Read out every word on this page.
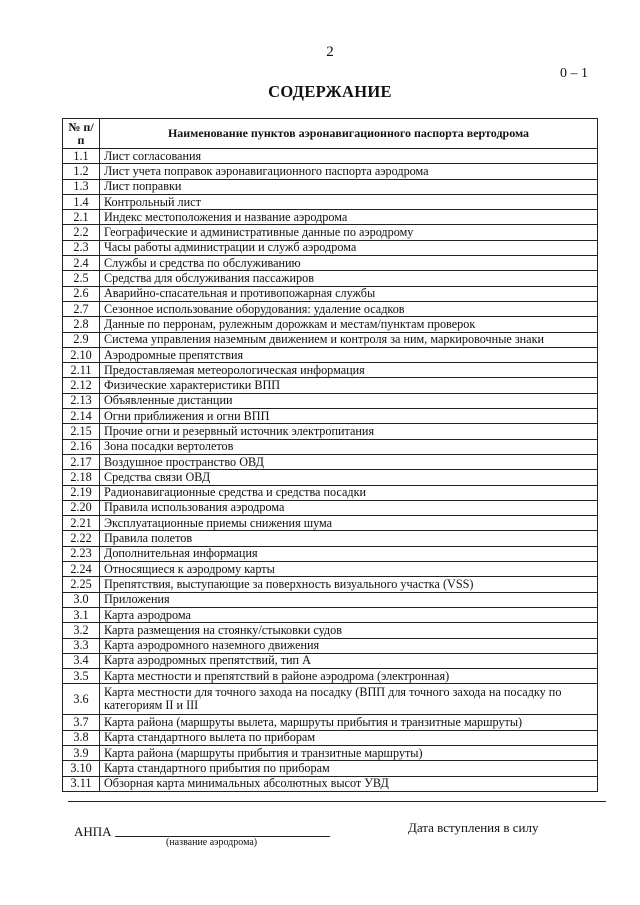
2
0 – 1
СОДЕРЖАНИЕ
№ п/п	Наименование пунктов аэронавигационного паспорта вертодрома
1.1	Лист согласования
1.2	Лист учета поправок аэронавигационного паспорта аэродрома
1.3	Лист поправки
1.4	Контрольный лист
2.1	Индекс местоположения и название аэродрома
2.2	Географические и административные данные по аэродрому
2.3	Часы работы администрации и служб аэродрома
2.4	Службы и средства по обслуживанию
2.5	Средства для обслуживания пассажиров
2.6	Аварийно-спасательная и противопожарная службы
2.7	Сезонное использование оборудования: удаление осадков
2.8	Данные по перронам, рулежным дорожкам и местам/пунктам проверок
2.9	Система управления наземным движением и контроля за ним, маркировочные знаки
2.10	Аэродромные препятствия
2.11	Предоставляемая метеорологическая информация
2.12	Физические характеристики ВПП
2.13	Объявленные дистанции
2.14	Огни приближения и огни ВПП
2.15	Прочие огни и резервный источник электропитания
2.16	Зона посадки вертолетов
2.17	Воздушное пространство ОВД
2.18	Средства связи ОВД
2.19	Радионавигационные средства и средства посадки
2.20	Правила использования аэродрома
2.21	Эксплуатационные приемы снижения шума
2.22	Правила полетов
2.23	Дополнительная информация
2.24	Относящиеся к аэродрому карты
2.25	Препятствия, выступающие за поверхность визуального участка (VSS)
3.0	Приложения
3.1	Карта аэродрома
3.2	Карта размещения на стоянку/стыковки судов
3.3	Карта аэродромного наземного движения
3.4	Карта аэродромных препятствий, тип А
3.5	Карта местности и препятствий в районе аэродрома (электронная)
3.6	Карта местности для точного захода на посадку (ВПП для точного захода на посадку по категориям II и III
3.7	Карта района (маршруты вылета, маршруты прибытия и транзитные маршруты)
3.8	Карта стандартного вылета по приборам
3.9	Карта района (маршруты прибытия и транзитные маршруты)
3.10	Карта стандартного прибытия по приборам
3.11	Обзорная карта минимальных абсолютных высот УВД
АНПА
(название аэродрома)
Дата вступления в силу
